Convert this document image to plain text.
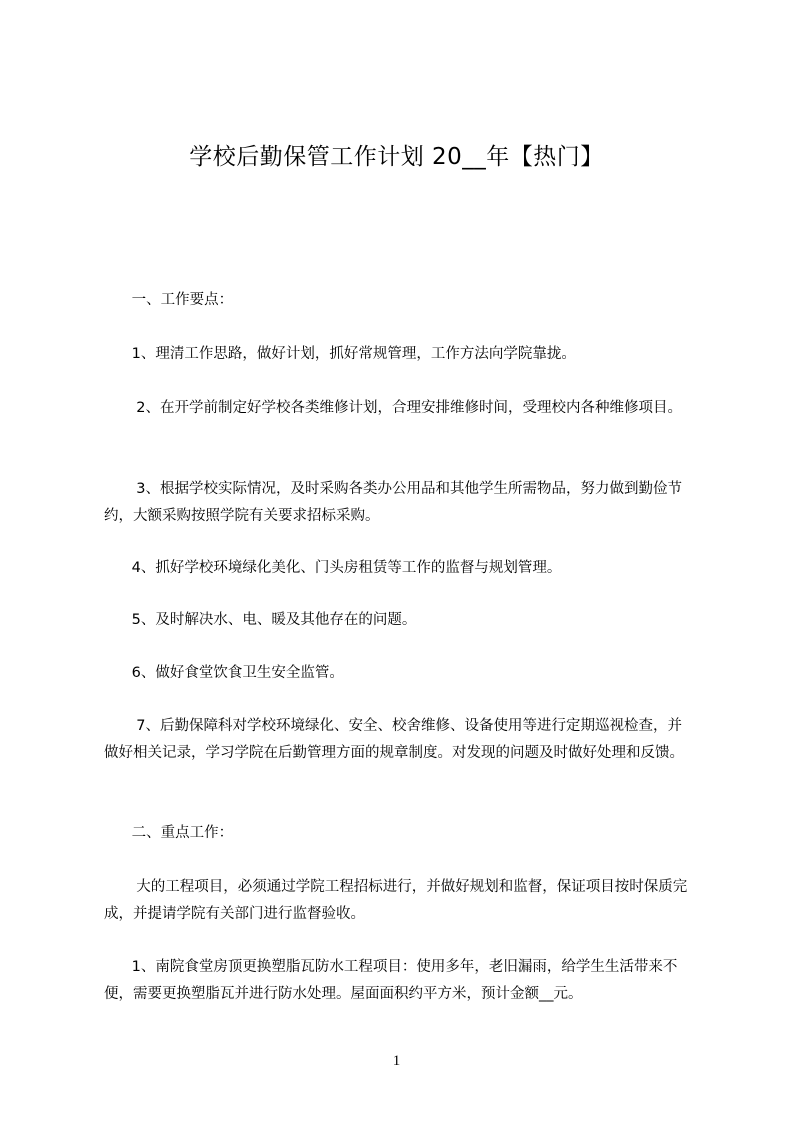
学校后勤保管工作计划 20__年【热门】
一、工作要点：
1、理清工作思路，做好计划，抓好常规管理，工作方法向学院靠拢。
2、在开学前制定好学校各类维修计划，合理安排维修时间，受理校内各种维修项目。
3、根据学校实际情况，及时采购各类办公用品和其他学生所需物品，努力做到勤俭节约，大额采购按照学院有关要求招标采购。
4、抓好学校环境绿化美化、门头房租赁等工作的监督与规划管理。
5、及时解决水、电、暖及其他存在的问题。
6、做好食堂饮食卫生安全监管。
7、后勤保障科对学校环境绿化、安全、校舍维修、设备使用等进行定期巡视检查，并做好相关记录，学习学院在后勤管理方面的规章制度。对发现的问题及时做好处理和反馈。
二、重点工作：
大的工程项目，必须通过学院工程招标进行，并做好规划和监督，保证项目按时保质完成，并提请学院有关部门进行监督验收。
1、南院食堂房顶更换塑脂瓦防水工程项目：使用多年，老旧漏雨，给学生生活带来不便，需要更换塑脂瓦并进行防水处理。屋面面积约平方米，预计金额__元。
1
